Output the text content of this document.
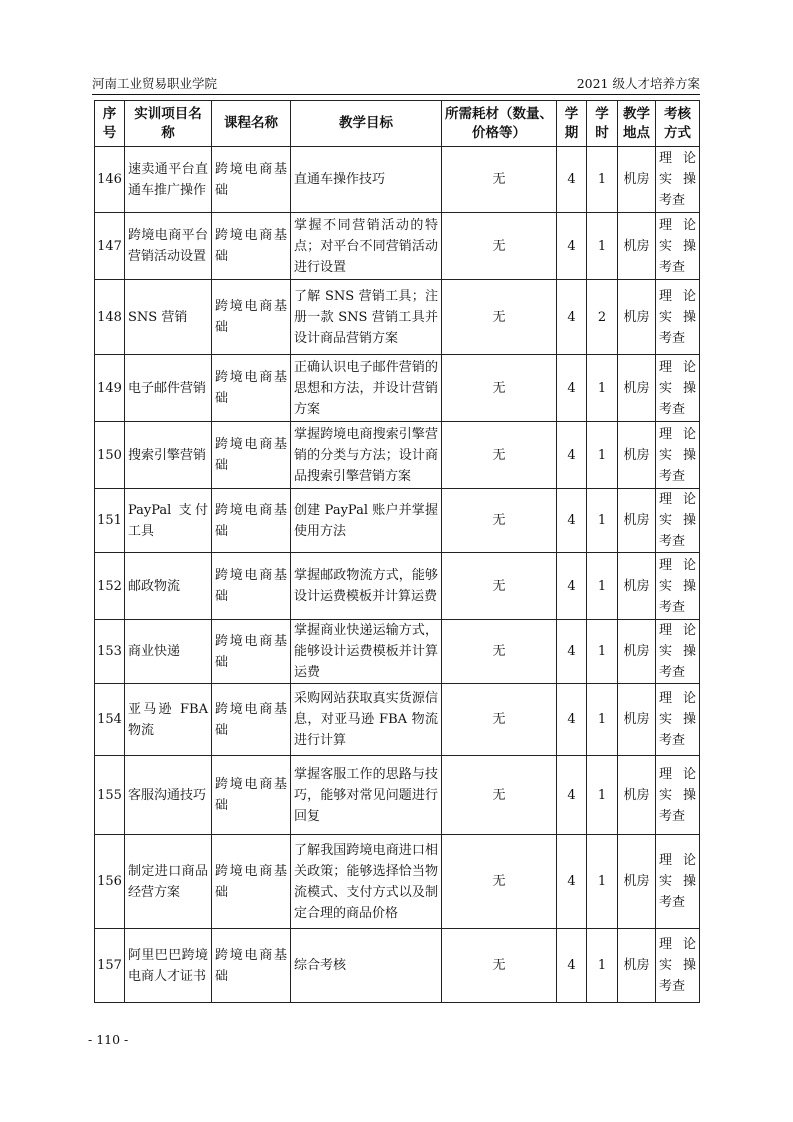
河南工业贸易职业学院	2021 级人才培养方案
序号	实训项目名称	课程名称	教学目标	所需耗材（数量、价格等）	学期	学时	教学地点	考核方式
146	速卖通平台直通车推广操作	跨境电商基础	直通车操作技巧	无	4	1	机房	理论实操考查
147	跨境电商平台营销活动设置	跨境电商基础	掌握不同营销活动的特点；对平台不同营销活动进行设置	无	4	1	机房	理论实操考查
148	SNS 营销	跨境电商基础	了解 SNS 营销工具；注册一款 SNS 营销工具并设计商品营销方案	无	4	2	机房	理论实操考查
149	电子邮件营销	跨境电商基础	正确认识电子邮件营销的思想和方法，并设计营销方案	无	4	1	机房	理论实操考查
150	搜索引擎营销	跨境电商基础	掌握跨境电商搜索引擎营销的分类与方法；设计商品搜索引擎营销方案	无	4	1	机房	理论实操考查
151	PayPal 支付工具	跨境电商基础	创建 PayPal 账户并掌握使用方法	无	4	1	机房	理论实操考查
152	邮政物流	跨境电商基础	掌握邮政物流方式，能够设计运费模板并计算运费	无	4	1	机房	理论实操考查
153	商业快递	跨境电商基础	掌握商业快递运输方式，能够设计运费模板并计算运费	无	4	1	机房	理论实操考查
154	亚马逊 FBA 物流	跨境电商基础	采购网站获取真实货源信息，对亚马逊 FBA 物流进行计算	无	4	1	机房	理论实操考查
155	客服沟通技巧	跨境电商基础	掌握客服工作的思路与技巧，能够对常见问题进行回复	无	4	1	机房	理论实操考查
156	制定进口商品经营方案	跨境电商基础	了解我国跨境电商进口相关政策；能够选择恰当物流模式、支付方式以及制定合理的商品价格	无	4	1	机房	理论实操考查
157	阿里巴巴跨境电商人才证书	跨境电商基础	综合考核	无	4	1	机房	理论实操考查
- 110 -
